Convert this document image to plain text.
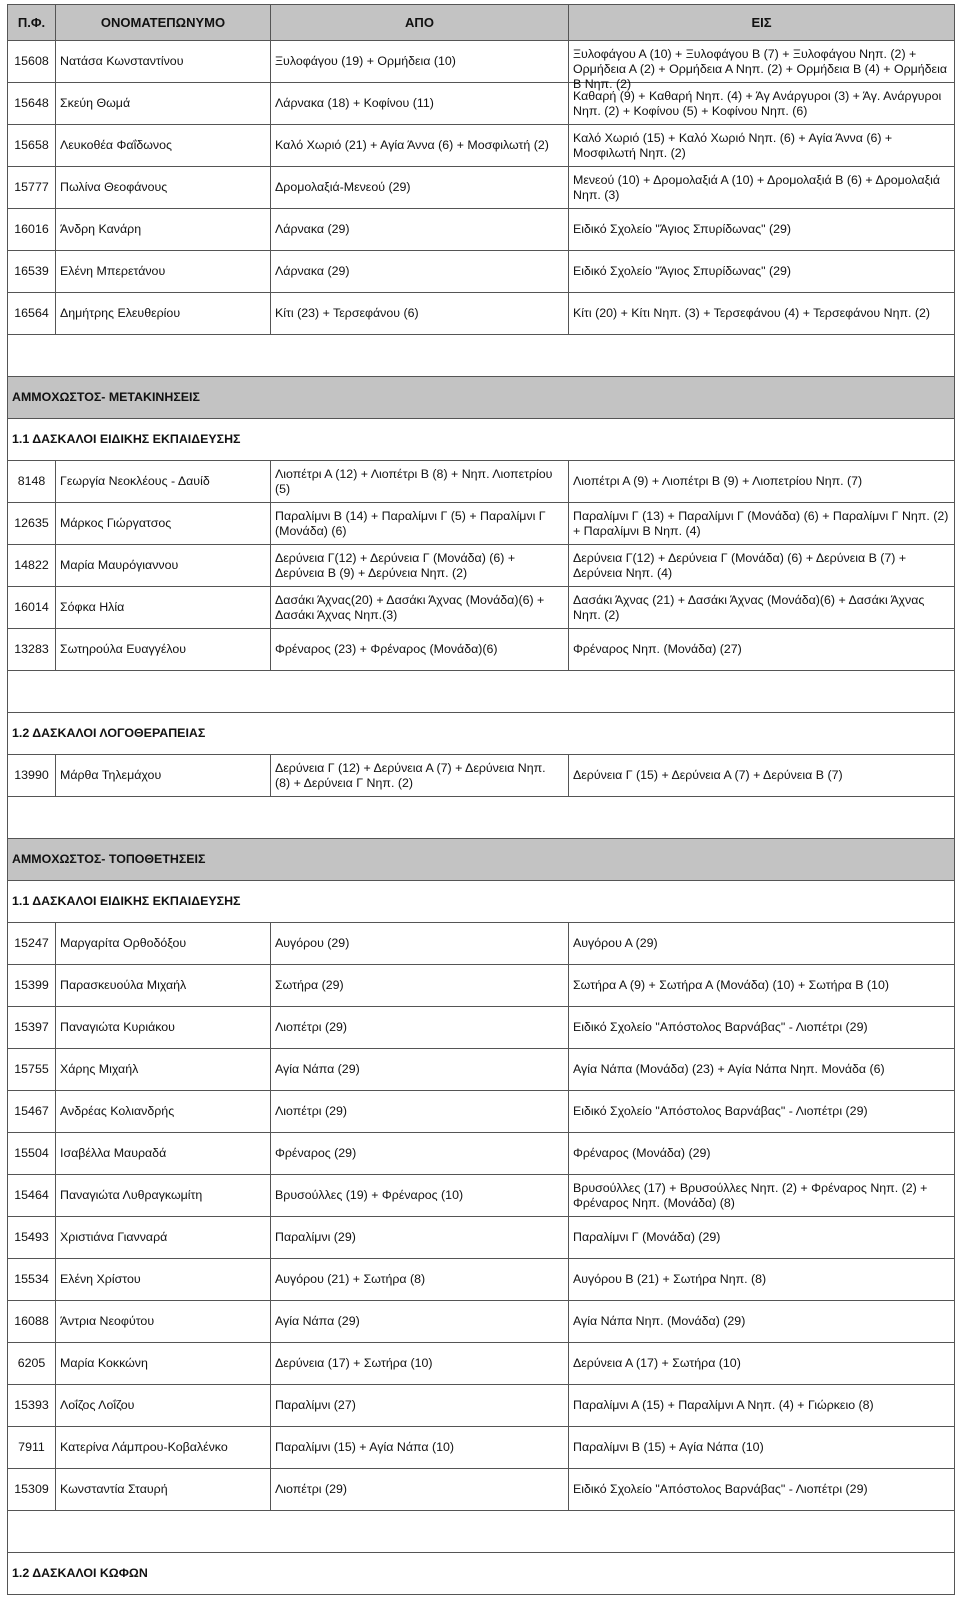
Π.Φ.	ΟΝΟΜΑΤΕΠΩΝΥΜΟ	ΑΠΟ	ΕΙΣ
15608	Νατάσα Κωνσταντίνου	Ξυλοφάγου (19) + Ορμήδεια (10)	Ξυλοφάγου Α (10) + Ξυλοφάγου Β (7) + Ξυλοφάγου Νηπ. (2) + Ορμήδεια Α (2) + Ορμήδεια Α Νηπ. (2) + Ορμήδεια Β (4) + Ορμήδεια Β Νηπ. (2)

15648	Σκεύη Θωμά	Λάρνακα (18) + Κοφίνου (11)	Καθαρή (9) + Καθαρή Νηπ. (4) + Άγ Ανάργυροι (3) + Άγ. Ανάργυροι Νηπ. (2) + Κοφίνου (5) + Κοφίνου Νηπ. (6)

15658	Λευκοθέα Φαΐδωνος	Καλό Χωριό (21) + Αγία Άννα (6) + Μοσφιλωτή (2)	Καλό Χωριό (15) + Καλό Χωριό Νηπ. (6) + Αγία Άννα (6) + Μοσφιλωτή Νηπ. (2)

15777	Πωλίνα Θεοφάνους	Δρομολαξιά-Μενεού (29)	Μενεού (10) + Δρομολαξιά Α (10) + Δρομολαξιά Β (6) + Δρομολαξιά Νηπ. (3)

16016	Άνδρη Κανάρη	Λάρνακα (29)	Ειδικό Σχολείο "Άγιος Σπυρίδωνας" (29)
16539	Ελένη Μπερετάνου	Λάρνακα (29)	Ειδικό Σχολείο "Άγιος Σπυρίδωνας" (29)
16564	Δημήτρης Ελευθερίου	Κίτι (23) + Τερσεφάνου (6)	Κίτι (20) + Κίτι Νηπ. (3) + Τερσεφάνου (4) + Τερσεφάνου Νηπ. (2)

ΑΜΜΟΧΩΣΤΟΣ- ΜΕΤΑΚΙΝΗΣΕΙΣ			
1.1 ΔΑΣΚΑΛΟΙ ΕΙΔΙΚΗΣ ΕΚΠΑΙΔΕΥΣΗΣ			
8148	Γεωργία Νεοκλέους - Δαυίδ	Λιοπέτρι Α (12) + Λιοπέτρι Β (8) + Νηπ. Λιοπετρίου (5)	Λιοπέτρι Α (9) + Λιοπέτρι Β (9) + Λιοπετρίου Νηπ. (7)
12635	Μάρκος Γιώργατσος	Παραλίμνι Β (14) + Παραλίμνι Γ (5) + Παραλίμνι Γ (Μονάδα) (6)	Παραλίμνι Γ (13) + Παραλίμνι Γ (Μονάδα) (6) + Παραλίμνι Γ Νηπ. (2) + Παραλίμνι Β Νηπ. (4)
14822	Μαρία Μαυρόγιαννου	Δερύνεια Γ(12) + Δερύνεια Γ (Μονάδα) (6) + Δερύνεια Β (9) + Δερύνεια Νηπ. (2)	Δερύνεια Γ(12) + Δερύνεια Γ (Μονάδα) (6) + Δερύνεια Β (7) + Δερύνεια Νηπ. (4)
16014	Σόφκα Ηλία	Δασάκι Άχνας(20) + Δασάκι Άχνας (Μονάδα)(6) + Δασάκι Άχνας Νηπ.(3)	Δασάκι Άχνας (21) + Δασάκι Άχνας (Μονάδα)(6) + Δασάκι Άχνας Νηπ. (2)
13283	Σωτηρούλα Ευαγγέλου	Φρέναρος (23) + Φρέναρος (Μονάδα)(6)	Φρέναρος Νηπ. (Μονάδα) (27)

1.2 ΔΑΣΚΑΛΟΙ ΛΟΓΟΘΕΡΑΠΕΙΑΣ			
13990	Μάρθα Τηλεμάχου	Δερύνεια Γ (12) + Δερύνεια Α (7) + Δερύνεια Νηπ. (8) + Δερύνεια Γ Νηπ. (2)	Δερύνεια Γ (15) + Δερύνεια Α (7) + Δερύνεια Β (7)

ΑΜΜΟΧΩΣΤΟΣ- ΤΟΠΟΘΕΤΗΣΕΙΣ			
1.1 ΔΑΣΚΑΛΟΙ ΕΙΔΙΚΗΣ ΕΚΠΑΙΔΕΥΣΗΣ			
15247	Μαργαρίτα Ορθοδόξου	Αυγόρου (29)	Αυγόρου Α (29)
15399	Παρασκευούλα Μιχαήλ	Σωτήρα (29)	Σωτήρα Α (9) + Σωτήρα Α (Μονάδα) (10) + Σωτήρα Β (10)
15397	Παναγιώτα Κυριάκου	Λιοπέτρι (29)	Ειδικό Σχολείο "Απόστολος Βαρνάβας" - Λιοπέτρι (29)
15755	Χάρης Μιχαήλ	Αγία Νάπα (29)	Αγία Νάπα (Μονάδα) (23) + Αγία Νάπα Νηπ. Μονάδα (6)
15467	Ανδρέας Κολιανδρής	Λιοπέτρι (29)	Ειδικό Σχολείο "Απόστολος Βαρνάβας" - Λιοπέτρι (29)
15504	Ισαβέλλα Μαυραδά	Φρέναρος (29)	Φρέναρος (Μονάδα) (29)
15464	Παναγιώτα Λυθραγκωμίτη	Βρυσούλλες (19) + Φρέναρος (10)	Βρυσούλλες (17) + Βρυσούλλες Νηπ. (2) + Φρέναρος Νηπ. (2) + Φρέναρος Νηπ. (Μονάδα) (8)
15493	Χριστιάνα Γιανναρά	Παραλίμνι (29)	Παραλίμνι Γ (Μονάδα) (29)
15534	Ελένη Χρίστου	Αυγόρου (21) + Σωτήρα (8)	Αυγόρου Β (21) + Σωτήρα Νηπ. (8)
16088	Άντρια Νεοφύτου	Αγία Νάπα (29)	Αγία Νάπα Νηπ. (Μονάδα) (29)
6205	Μαρία Κοκκώνη	Δερύνεια (17) + Σωτήρα (10)	Δερύνεια Α (17) + Σωτήρα (10)
15393	Λοΐζος Λοΐζου	Παραλίμνι (27)	Παραλίμνι Α (15) + Παραλίμνι Α Νηπ. (4) + Γιώρκειο (8)
7911	Κατερίνα Λάμπρου-Κοβαλένκο	Παραλίμνι (15) + Αγία Νάπα (10)	Παραλίμνι Β (15) + Αγία Νάπα (10)
15309	Κωνσταντία Σταυρή	Λιοπέτρι (29)	Ειδικό Σχολείο "Απόστολος Βαρνάβας" - Λιοπέτρι (29)

1.2 ΔΑΣΚΑΛΟΙ ΚΩΦΩΝ			
